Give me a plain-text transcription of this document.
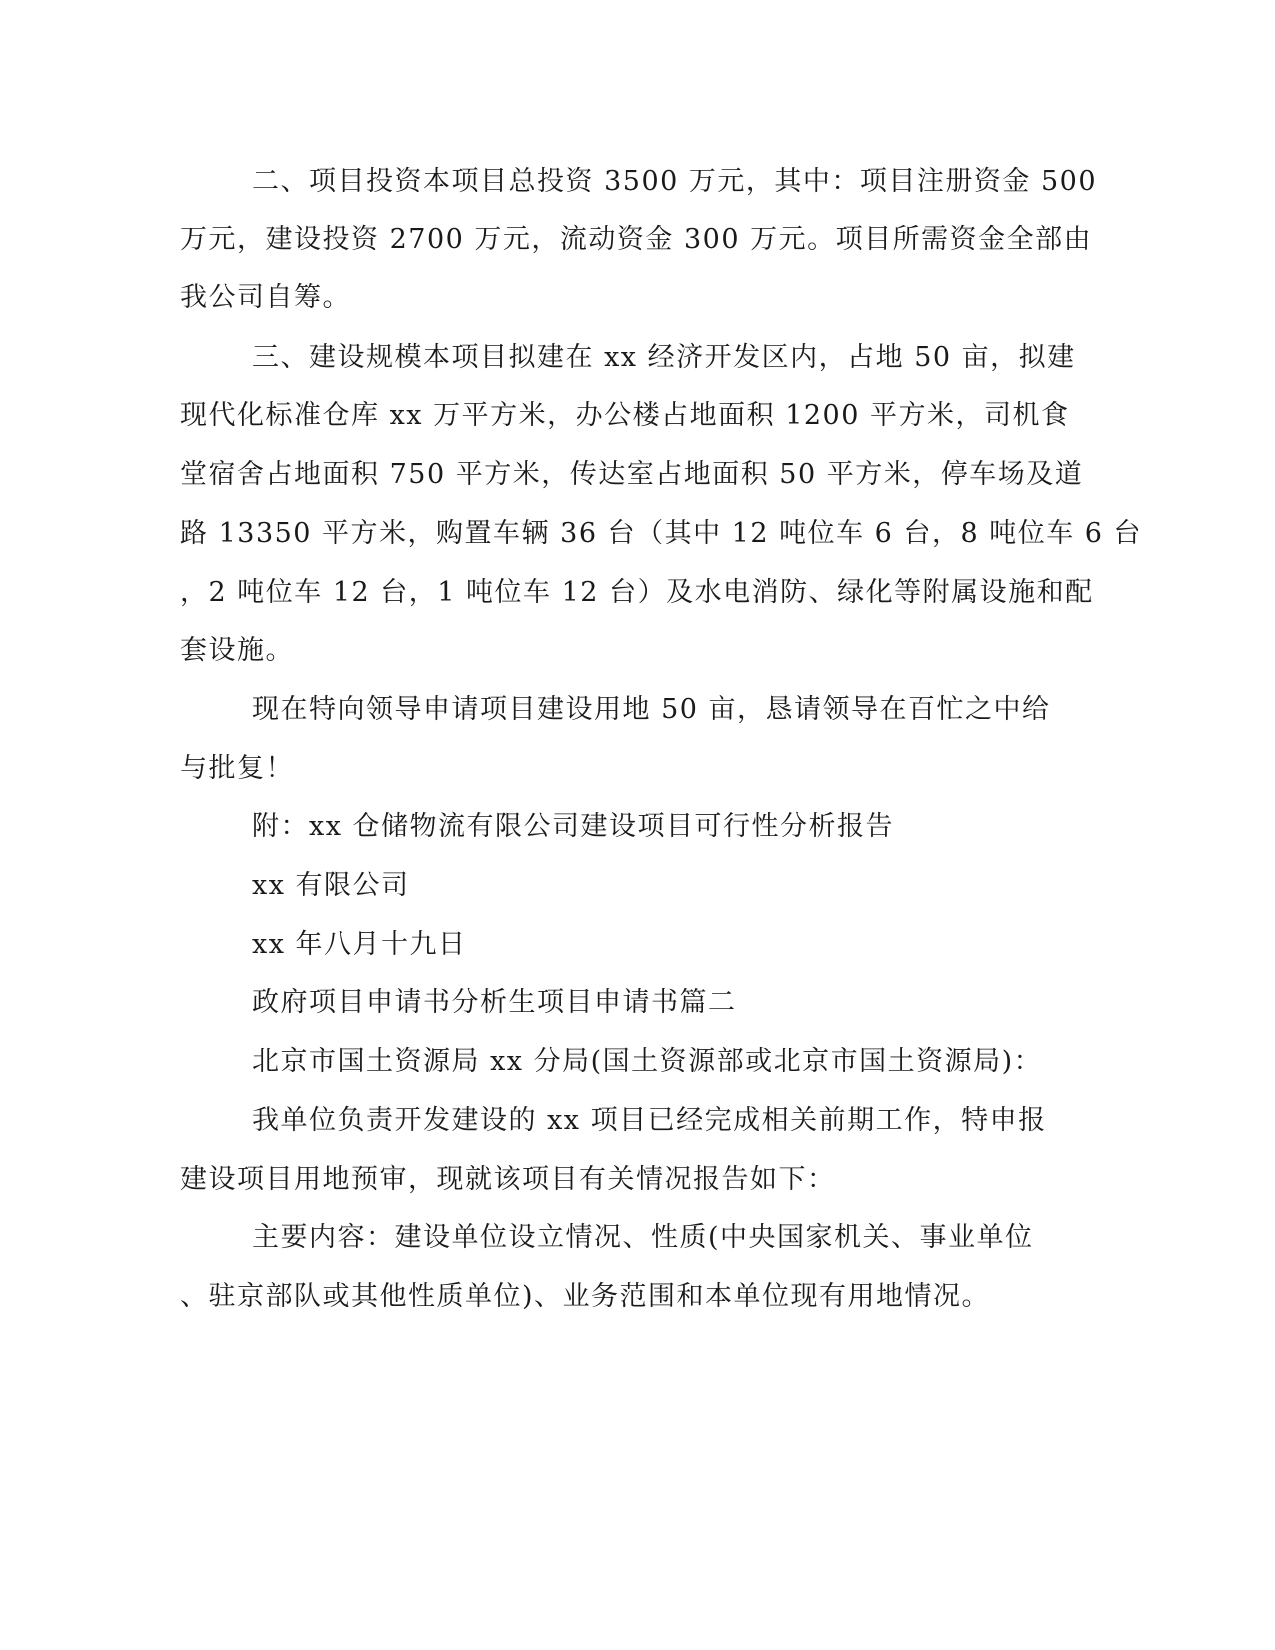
二、项目投资本项目总投资 3500 万元，其中：项目注册资金 500
万元，建设投资 2700 万元，流动资金 300 万元。项目所需资金全部由
我公司自筹。
三、建设规模本项目拟建在 xx 经济开发区内，占地 50 亩，拟建
现代化标准仓库 xx 万平方米，办公楼占地面积 1200 平方米，司机食
堂宿舍占地面积 750 平方米，传达室占地面积 50 平方米，停车场及道
路 13350 平方米，购置车辆 36 台（其中 12 吨位车 6 台，8 吨位车 6 台
，2 吨位车 12 台，1 吨位车 12 台）及水电消防、绿化等附属设施和配
套设施。
现在特向领导申请项目建设用地 50 亩，恳请领导在百忙之中给
与批复！
附：xx 仓储物流有限公司建设项目可行性分析报告
xx 有限公司
xx 年八月十九日
政府项目申请书分析生项目申请书篇二
北京市国土资源局 xx 分局(国土资源部或北京市国土资源局)：
我单位负责开发建设的 xx 项目已经完成相关前期工作，特申报
建设项目用地预审，现就该项目有关情况报告如下：
主要内容：建设单位设立情况、性质(中央国家机关、事业单位
、驻京部队或其他性质单位)、业务范围和本单位现有用地情况。
